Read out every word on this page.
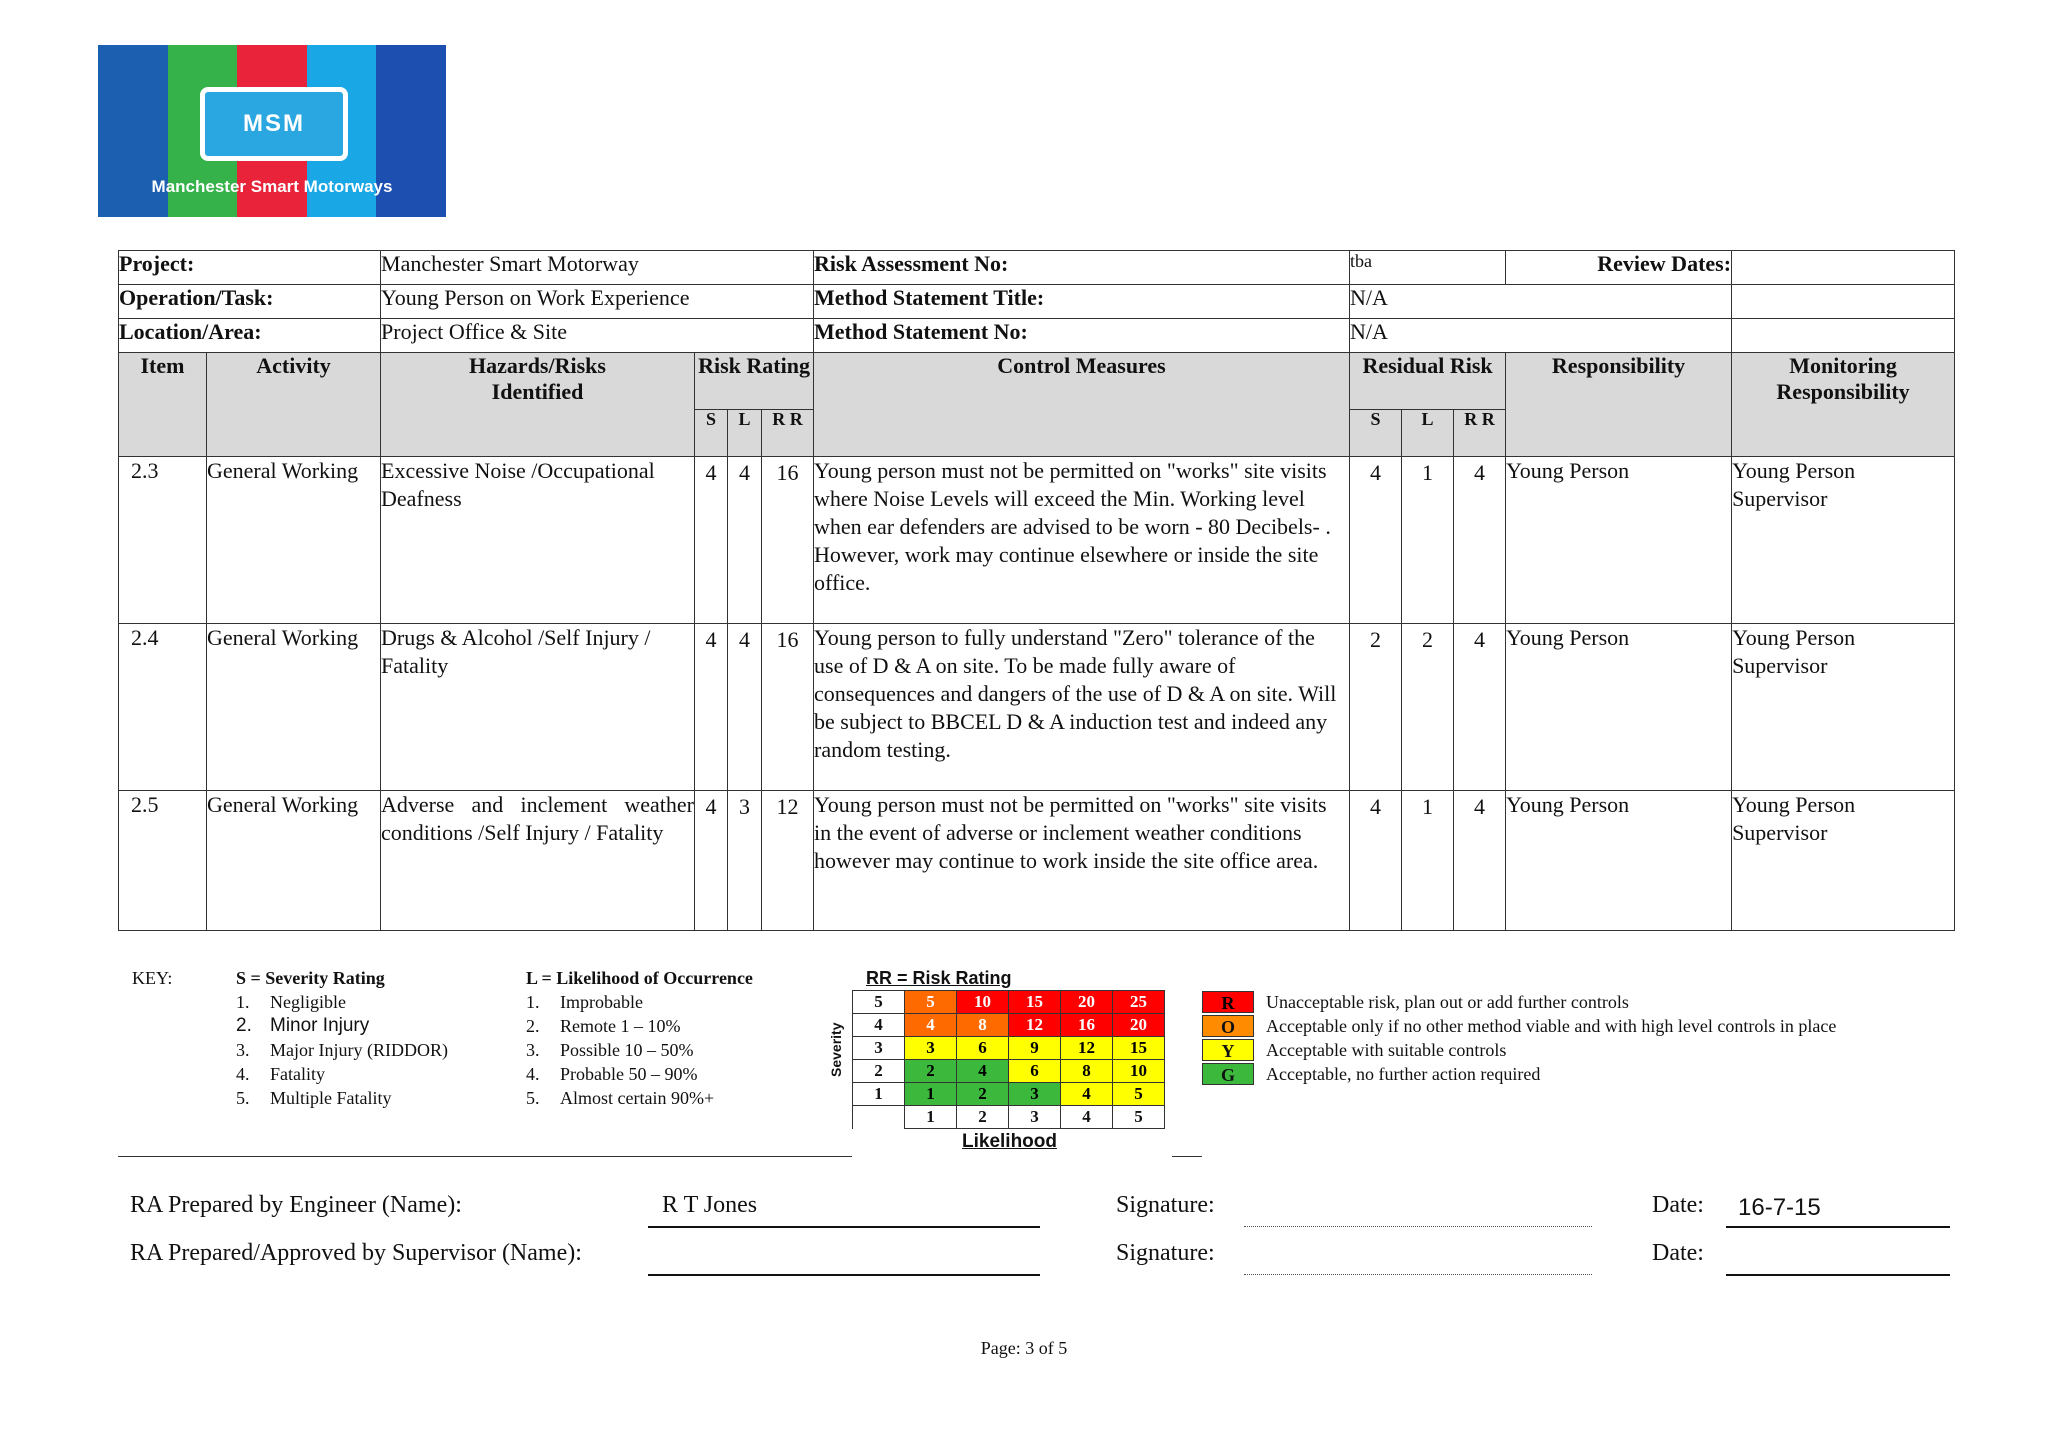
MSM
Manchester Smart Motorways
Project:		Manchester Smart Motorway				Risk Assessment No:	tba			Review Dates:	
Operation/Task:		Young Person on Work Experience				Method Statement Title:	N/A				
Location/Area:		Project Office & Site				Method Statement No:	N/A				
Item	Activity	Hazards/Risks Identified	Risk Rating			Control Measures	Residual Risk			Responsibility	Monitoring Responsibility
			S	L	R R		S	L	R R		
2.3	General Working	Excessive Noise /Occupational Deafness	4	4	16	Young person must not be permitted on "works" site visits where Noise Levels will exceed the Min. Working level when ear defenders are advised to be worn - 80 Decibels- . However, work may continue elsewhere or inside the site office.	4	1	4	Young Person	Young Person Supervisor
2.4	General Working	Drugs & Alcohol /Self Injury / Fatality	4	4	16	Young person to fully understand "Zero" tolerance of the use of D & A on site. To be made fully aware of consequences and dangers of the use of D & A on site. Will be subject to BBCEL D & A induction test and indeed any random testing.	2	2	4	Young Person	Young Person Supervisor
2.5	General Working	Adverse and inclement weather conditions /Self Injury / Fatality	4	3	12	Young person must not be permitted on "works" site visits in the event of adverse or inclement weather conditions however may continue to work inside the site office area.	4	1	4	Young Person	Young Person Supervisor
KEY:	S = Severity Rating
1. Negligible
2. Minor Injury
3. Major Injury (RIDDOR)
4. Fatality
5. Multiple Fatality
L = Likelihood of Occurrence
1. Improbable
2. Remote 1 – 10%
3. Possible 10 – 50%
4. Probable 50 – 90%
5. Almost certain 90%+
RR = Risk Rating
Severity
5	5	10	15	20	25
4	4	8	12	16	20
3	3	6	9	12	15
2	2	4	6	8	10
1	1	2	3	4	5
	1	2	3	4	5
Likelihood
R	Unacceptable risk, plan out or add further controls
O	Acceptable only if no other method viable and with high level controls in place
Y	Acceptable with suitable controls
G	Acceptable, no further action required
RA Prepared by Engineer (Name):	R T Jones	Signature:	Date: 16-7-15
RA Prepared/Approved by Supervisor (Name):	Signature:	Date:
Page: 3 of 5
